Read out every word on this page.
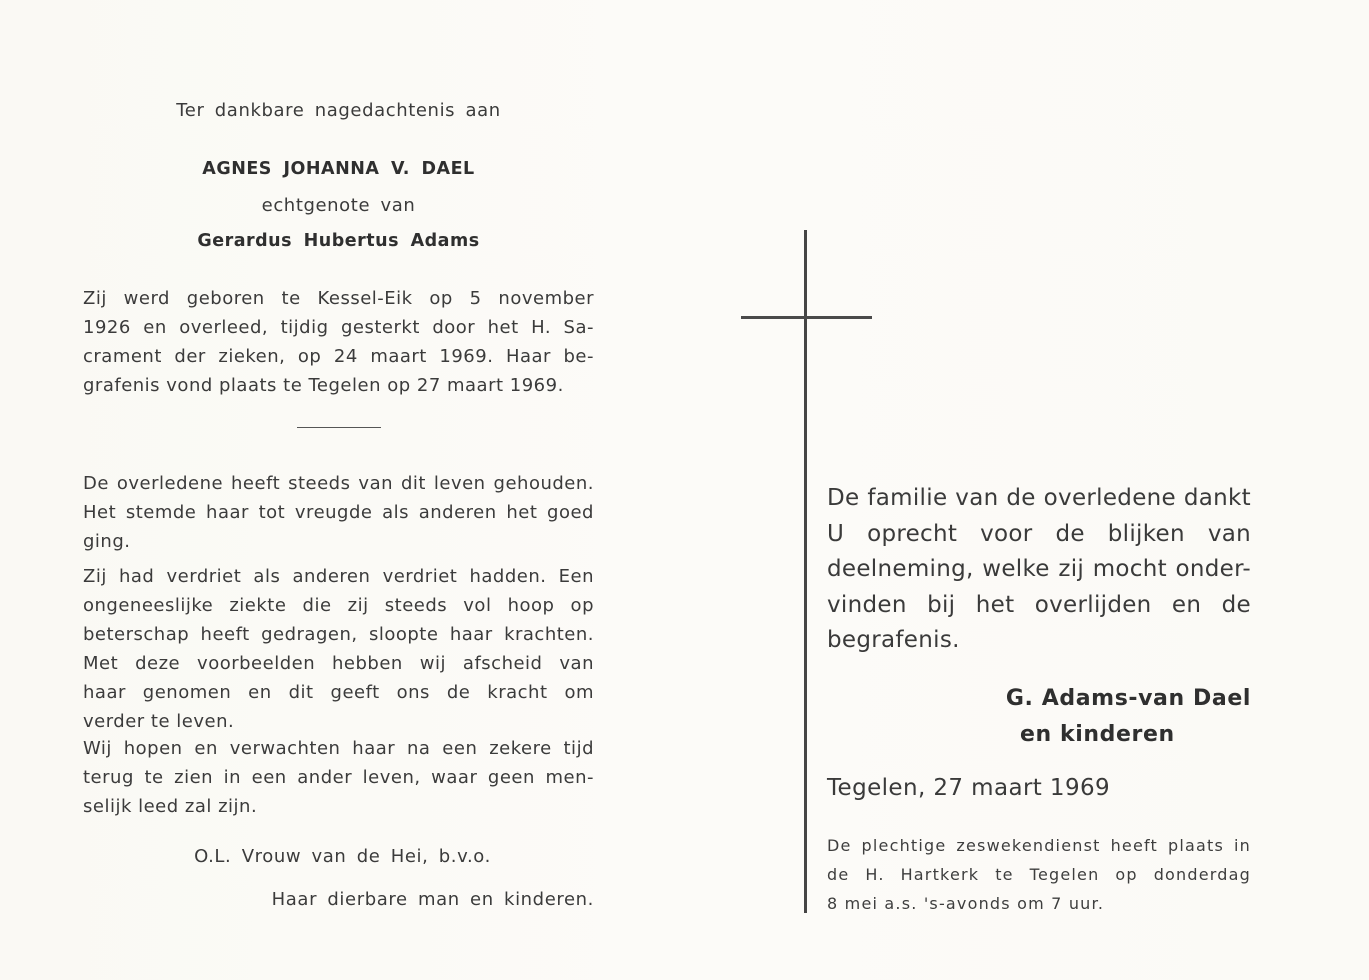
Ter dankbare nagedachtenis aan
AGNES JOHANNA V. DAEL
echtgenote van
Gerardus Hubertus Adams
Zij werd geboren te Kessel-Eik op 5 november
1926 en overleed, tijdig gesterkt door het H. Sa-
crament der zieken, op 24 maart 1969. Haar be-
grafenis vond plaats te Tegelen op 27 maart 1969.
De overledene heeft steeds van dit leven gehouden.
Het stemde haar tot vreugde als anderen het goed
ging.
Zij had verdriet als anderen verdriet hadden. Een
ongeneeslijke ziekte die zij steeds vol hoop op
beterschap heeft gedragen, sloopte haar krachten.
Met deze voorbeelden hebben wij afscheid van
haar genomen en dit geeft ons de kracht om
verder te leven.
Wij hopen en verwachten haar na een zekere tijd
terug te zien in een ander leven, waar geen men-
selijk leed zal zijn.
O.L. Vrouw van de Hei, b.v.o.
Haar dierbare man en kinderen.
De familie van de overledene dankt
U oprecht voor de blijken van
deelneming, welke zij mocht onder-
vinden bij het overlijden en de
begrafenis.
G. Adams-van Dael
en kinderen
Tegelen, 27 maart 1969
De plechtige zeswekendienst heeft plaats in
de H. Hartkerk te Tegelen op donderdag
8 mei a.s. 's-avonds om 7 uur.
